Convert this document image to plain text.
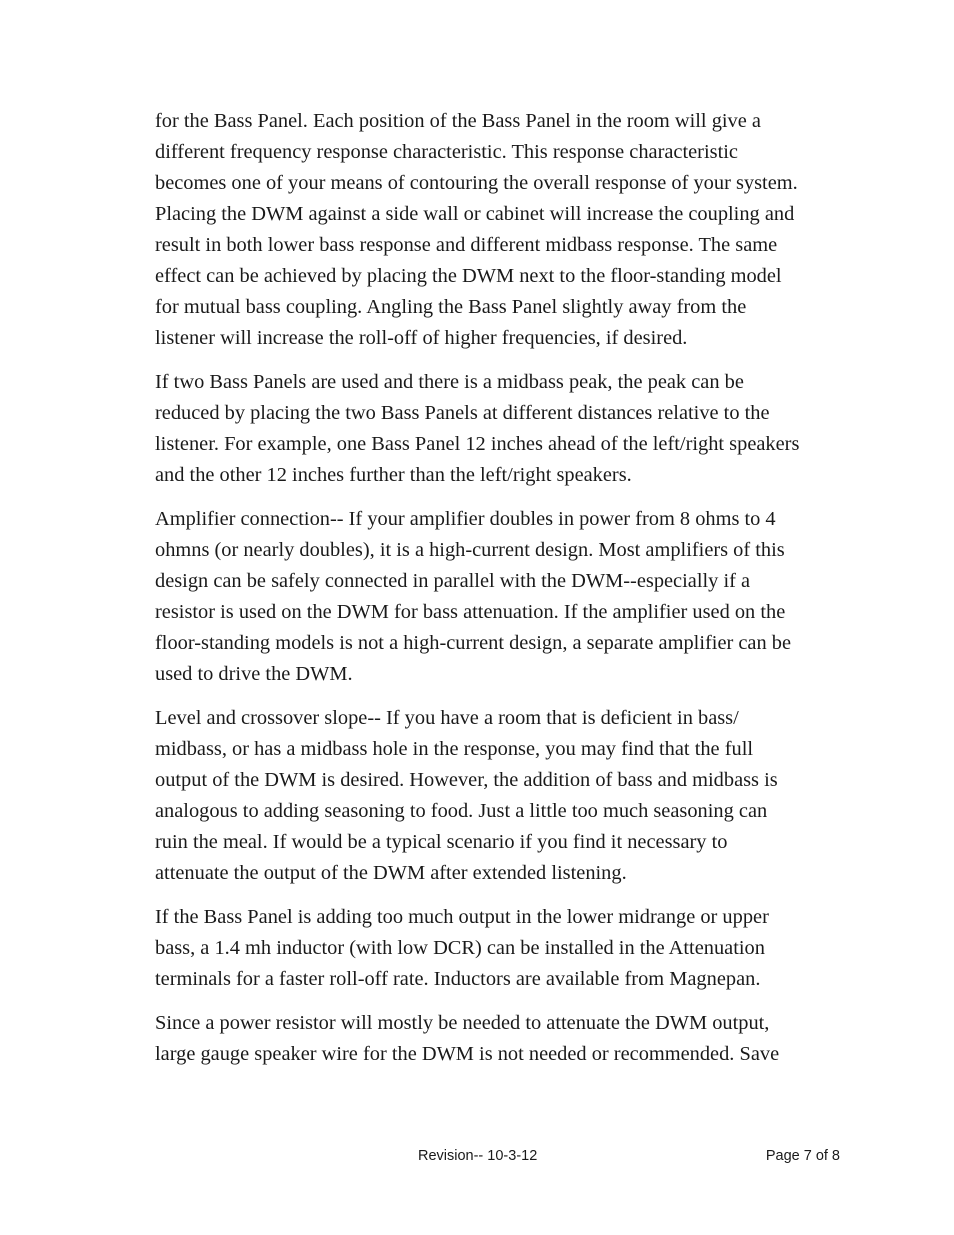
for the Bass Panel. Each position of the Bass Panel in the room will give a
different frequency response characteristic. This response characteristic
becomes one of your means of contouring the overall response of your system.
Placing the DWM against a side wall or cabinet will increase the coupling and
result in both lower bass response and different midbass response. The same
effect can be achieved by placing the DWM next to the floor-standing model
for mutual bass coupling. Angling the Bass Panel slightly away from the
listener will increase the roll-off of higher frequencies, if desired.

If two Bass Panels are used and there is a midbass peak, the peak can be
reduced by placing the two Bass Panels at different distances relative to the
listener. For example, one Bass Panel 12 inches ahead of the left/right speakers
and the other 12 inches further than the left/right speakers.

Amplifier connection-- If your amplifier doubles in power from 8 ohms to 4
ohmns (or nearly doubles), it is a high-current design. Most amplifiers of this
design can be safely connected in parallel with the DWM--especially if a
resistor is used on the DWM for bass attenuation. If the amplifier used on the
floor-standing models is not a high-current design, a separate amplifier can be
used to drive the DWM.

Level and crossover slope-- If you have a room that is deficient in bass/
midbass, or has a midbass hole in the response, you may find that the full
output of the DWM is desired. However, the addition of bass and midbass is
analogous to adding seasoning to food. Just a little too much seasoning can
ruin the meal. If would be a typical scenario if you find it necessary to
attenuate the output of the DWM after extended listening.

If the Bass Panel is adding too much output in the lower midrange or upper
bass, a 1.4 mh inductor (with low DCR) can be installed in the Attenuation
terminals for a faster roll-off rate. Inductors are available from Magnepan.

Since a power resistor will mostly be needed to attenuate the DWM output,
large gauge speaker wire for the DWM is not needed or recommended. Save

Revision-- 10-3-12	Page 7 of 8
